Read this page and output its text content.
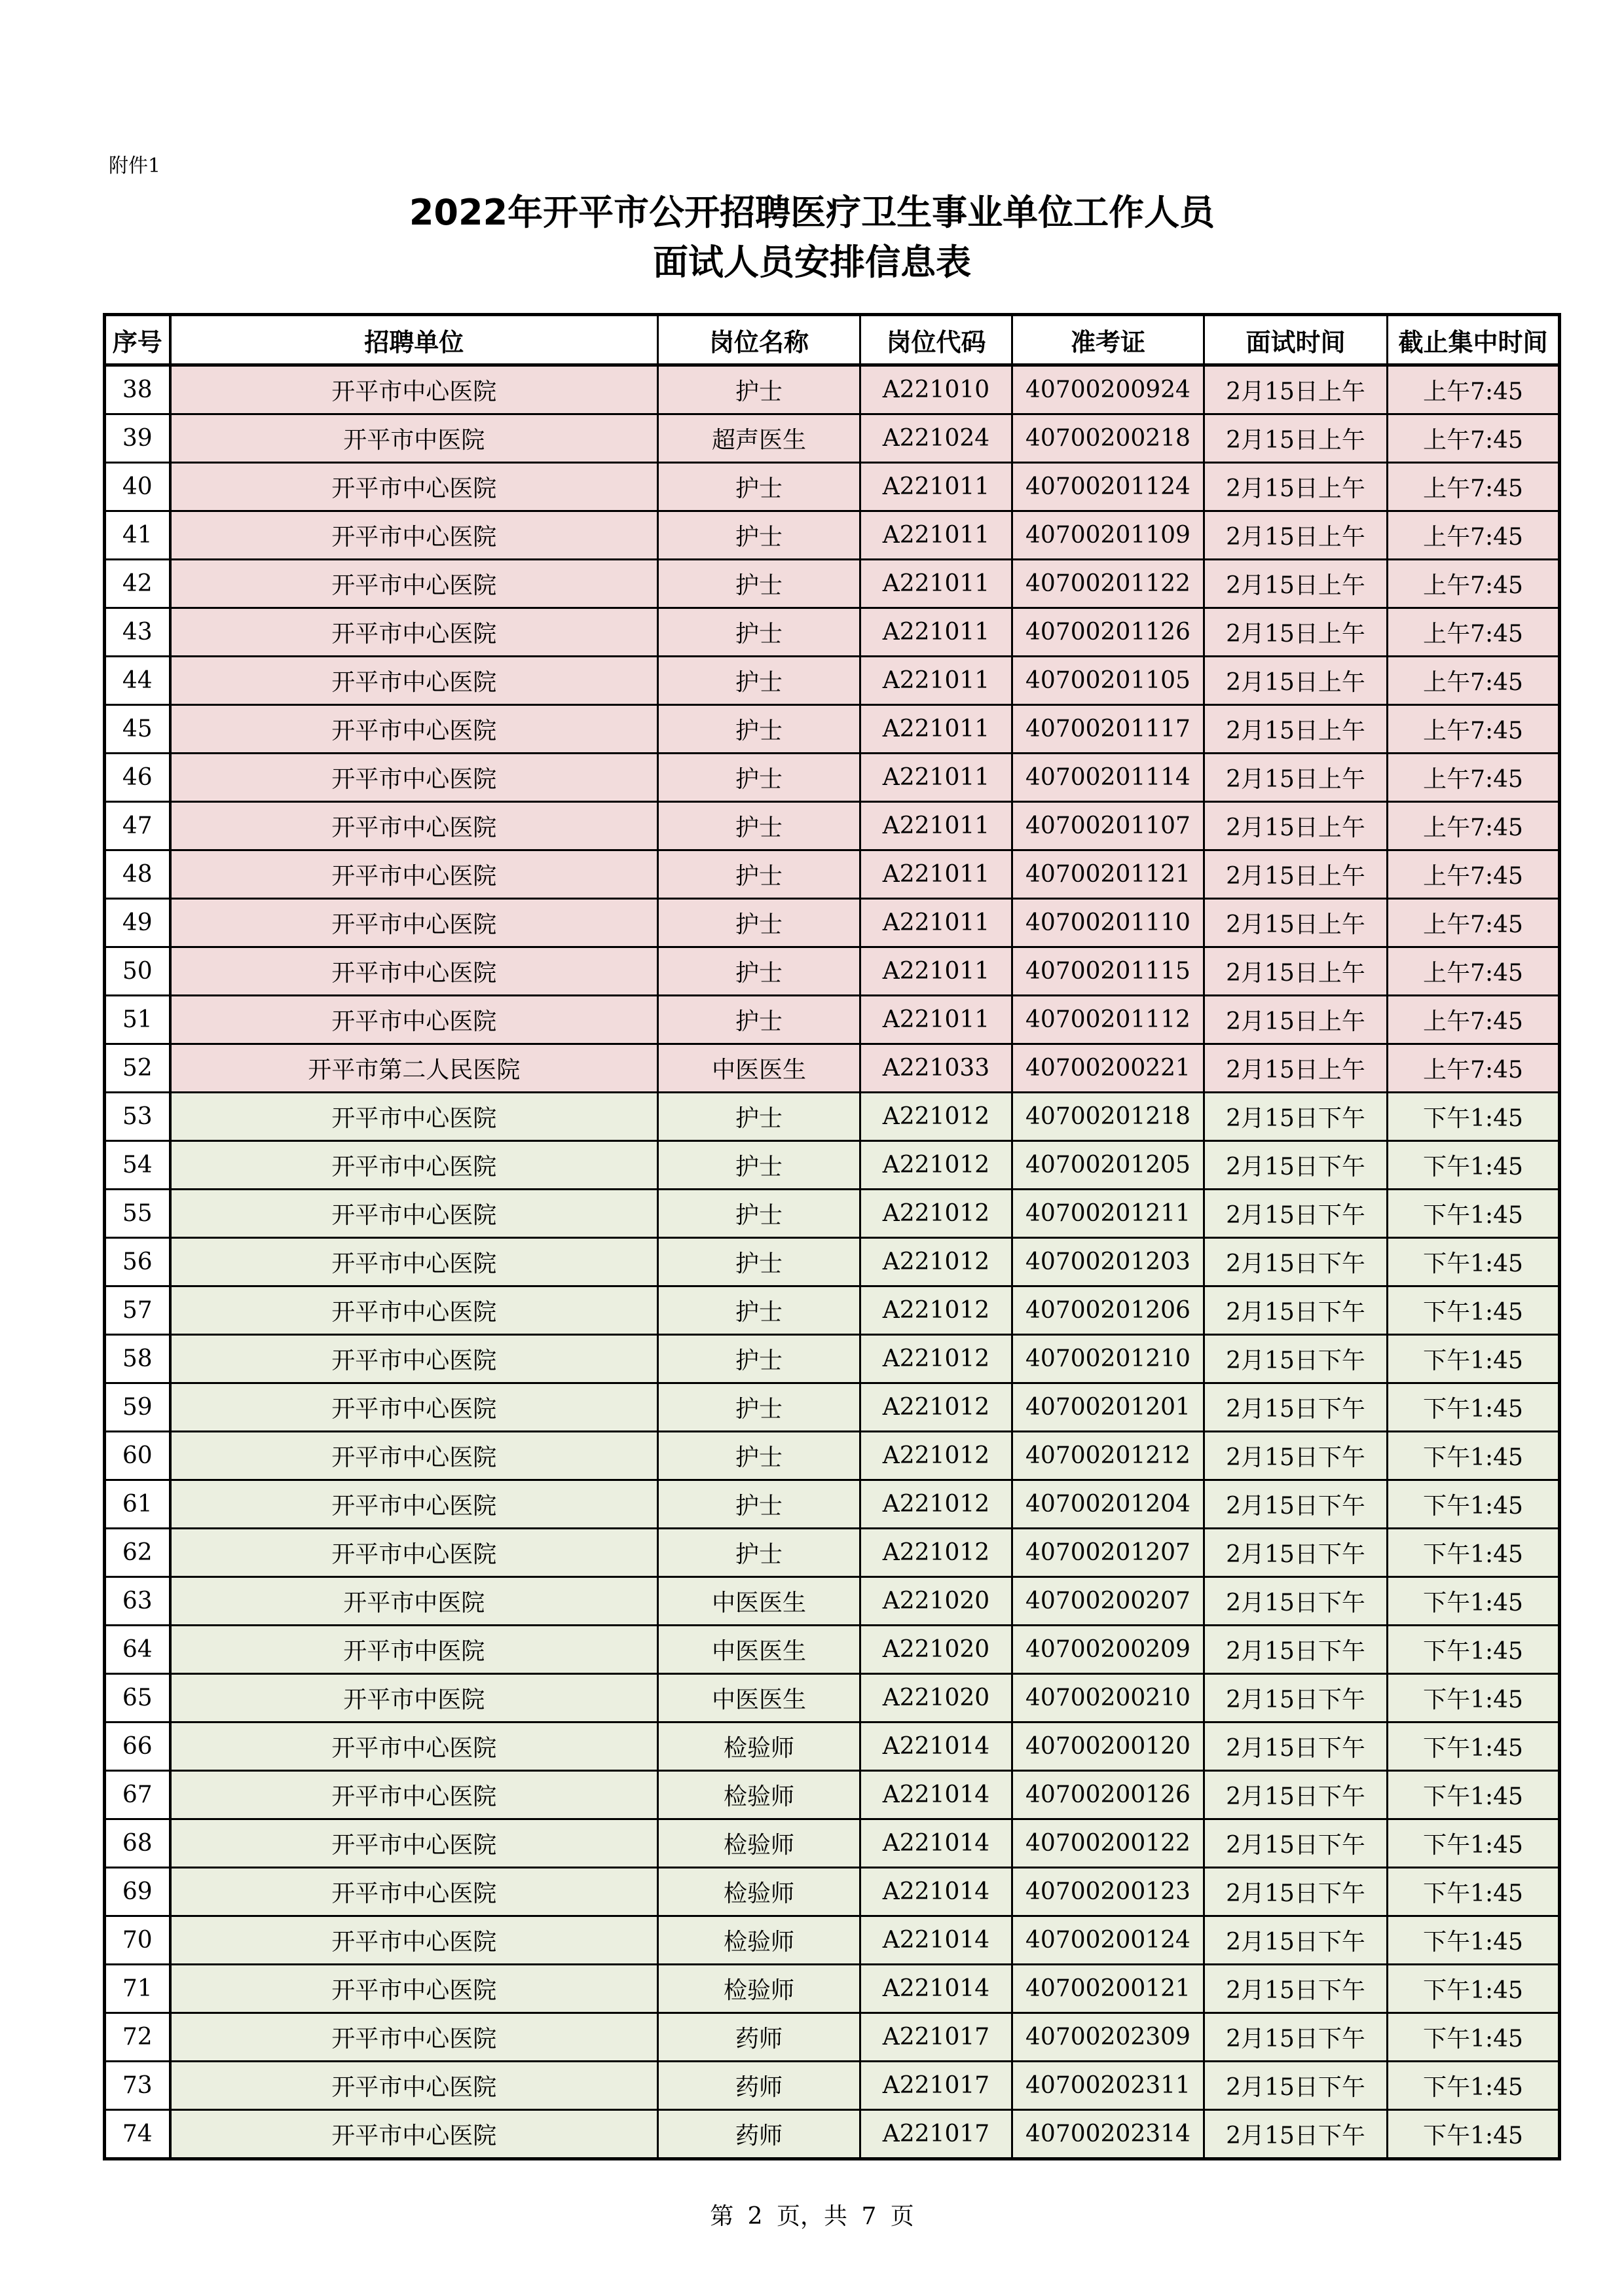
附件1
2022年开平市公开招聘医疗卫生事业单位工作人员
面试人员安排信息表
序号	招聘单位	岗位名称	岗位代码	准考证	面试时间	截止集中时间
38	开平市中心医院	护士	A221010	40700200924	2月15日上午	上午7:45
39	开平市中医院	超声医生	A221024	40700200218	2月15日上午	上午7:45
40	开平市中心医院	护士	A221011	40700201124	2月15日上午	上午7:45
41	开平市中心医院	护士	A221011	40700201109	2月15日上午	上午7:45
42	开平市中心医院	护士	A221011	40700201122	2月15日上午	上午7:45
43	开平市中心医院	护士	A221011	40700201126	2月15日上午	上午7:45
44	开平市中心医院	护士	A221011	40700201105	2月15日上午	上午7:45
45	开平市中心医院	护士	A221011	40700201117	2月15日上午	上午7:45
46	开平市中心医院	护士	A221011	40700201114	2月15日上午	上午7:45
47	开平市中心医院	护士	A221011	40700201107	2月15日上午	上午7:45
48	开平市中心医院	护士	A221011	40700201121	2月15日上午	上午7:45
49	开平市中心医院	护士	A221011	40700201110	2月15日上午	上午7:45
50	开平市中心医院	护士	A221011	40700201115	2月15日上午	上午7:45
51	开平市中心医院	护士	A221011	40700201112	2月15日上午	上午7:45
52	开平市第二人民医院	中医医生	A221033	40700200221	2月15日上午	上午7:45
53	开平市中心医院	护士	A221012	40700201218	2月15日下午	下午1:45
54	开平市中心医院	护士	A221012	40700201205	2月15日下午	下午1:45
55	开平市中心医院	护士	A221012	40700201211	2月15日下午	下午1:45
56	开平市中心医院	护士	A221012	40700201203	2月15日下午	下午1:45
57	开平市中心医院	护士	A221012	40700201206	2月15日下午	下午1:45
58	开平市中心医院	护士	A221012	40700201210	2月15日下午	下午1:45
59	开平市中心医院	护士	A221012	40700201201	2月15日下午	下午1:45
60	开平市中心医院	护士	A221012	40700201212	2月15日下午	下午1:45
61	开平市中心医院	护士	A221012	40700201204	2月15日下午	下午1:45
62	开平市中心医院	护士	A221012	40700201207	2月15日下午	下午1:45
63	开平市中医院	中医医生	A221020	40700200207	2月15日下午	下午1:45
64	开平市中医院	中医医生	A221020	40700200209	2月15日下午	下午1:45
65	开平市中医院	中医医生	A221020	40700200210	2月15日下午	下午1:45
66	开平市中心医院	检验师	A221014	40700200120	2月15日下午	下午1:45
67	开平市中心医院	检验师	A221014	40700200126	2月15日下午	下午1:45
68	开平市中心医院	检验师	A221014	40700200122	2月15日下午	下午1:45
69	开平市中心医院	检验师	A221014	40700200123	2月15日下午	下午1:45
70	开平市中心医院	检验师	A221014	40700200124	2月15日下午	下午1:45
71	开平市中心医院	检验师	A221014	40700200121	2月15日下午	下午1:45
72	开平市中心医院	药师	A221017	40700202309	2月15日下午	下午1:45
73	开平市中心医院	药师	A221017	40700202311	2月15日下午	下午1:45
74	开平市中心医院	药师	A221017	40700202314	2月15日下午	下午1:45
第 2 页，共 7 页
